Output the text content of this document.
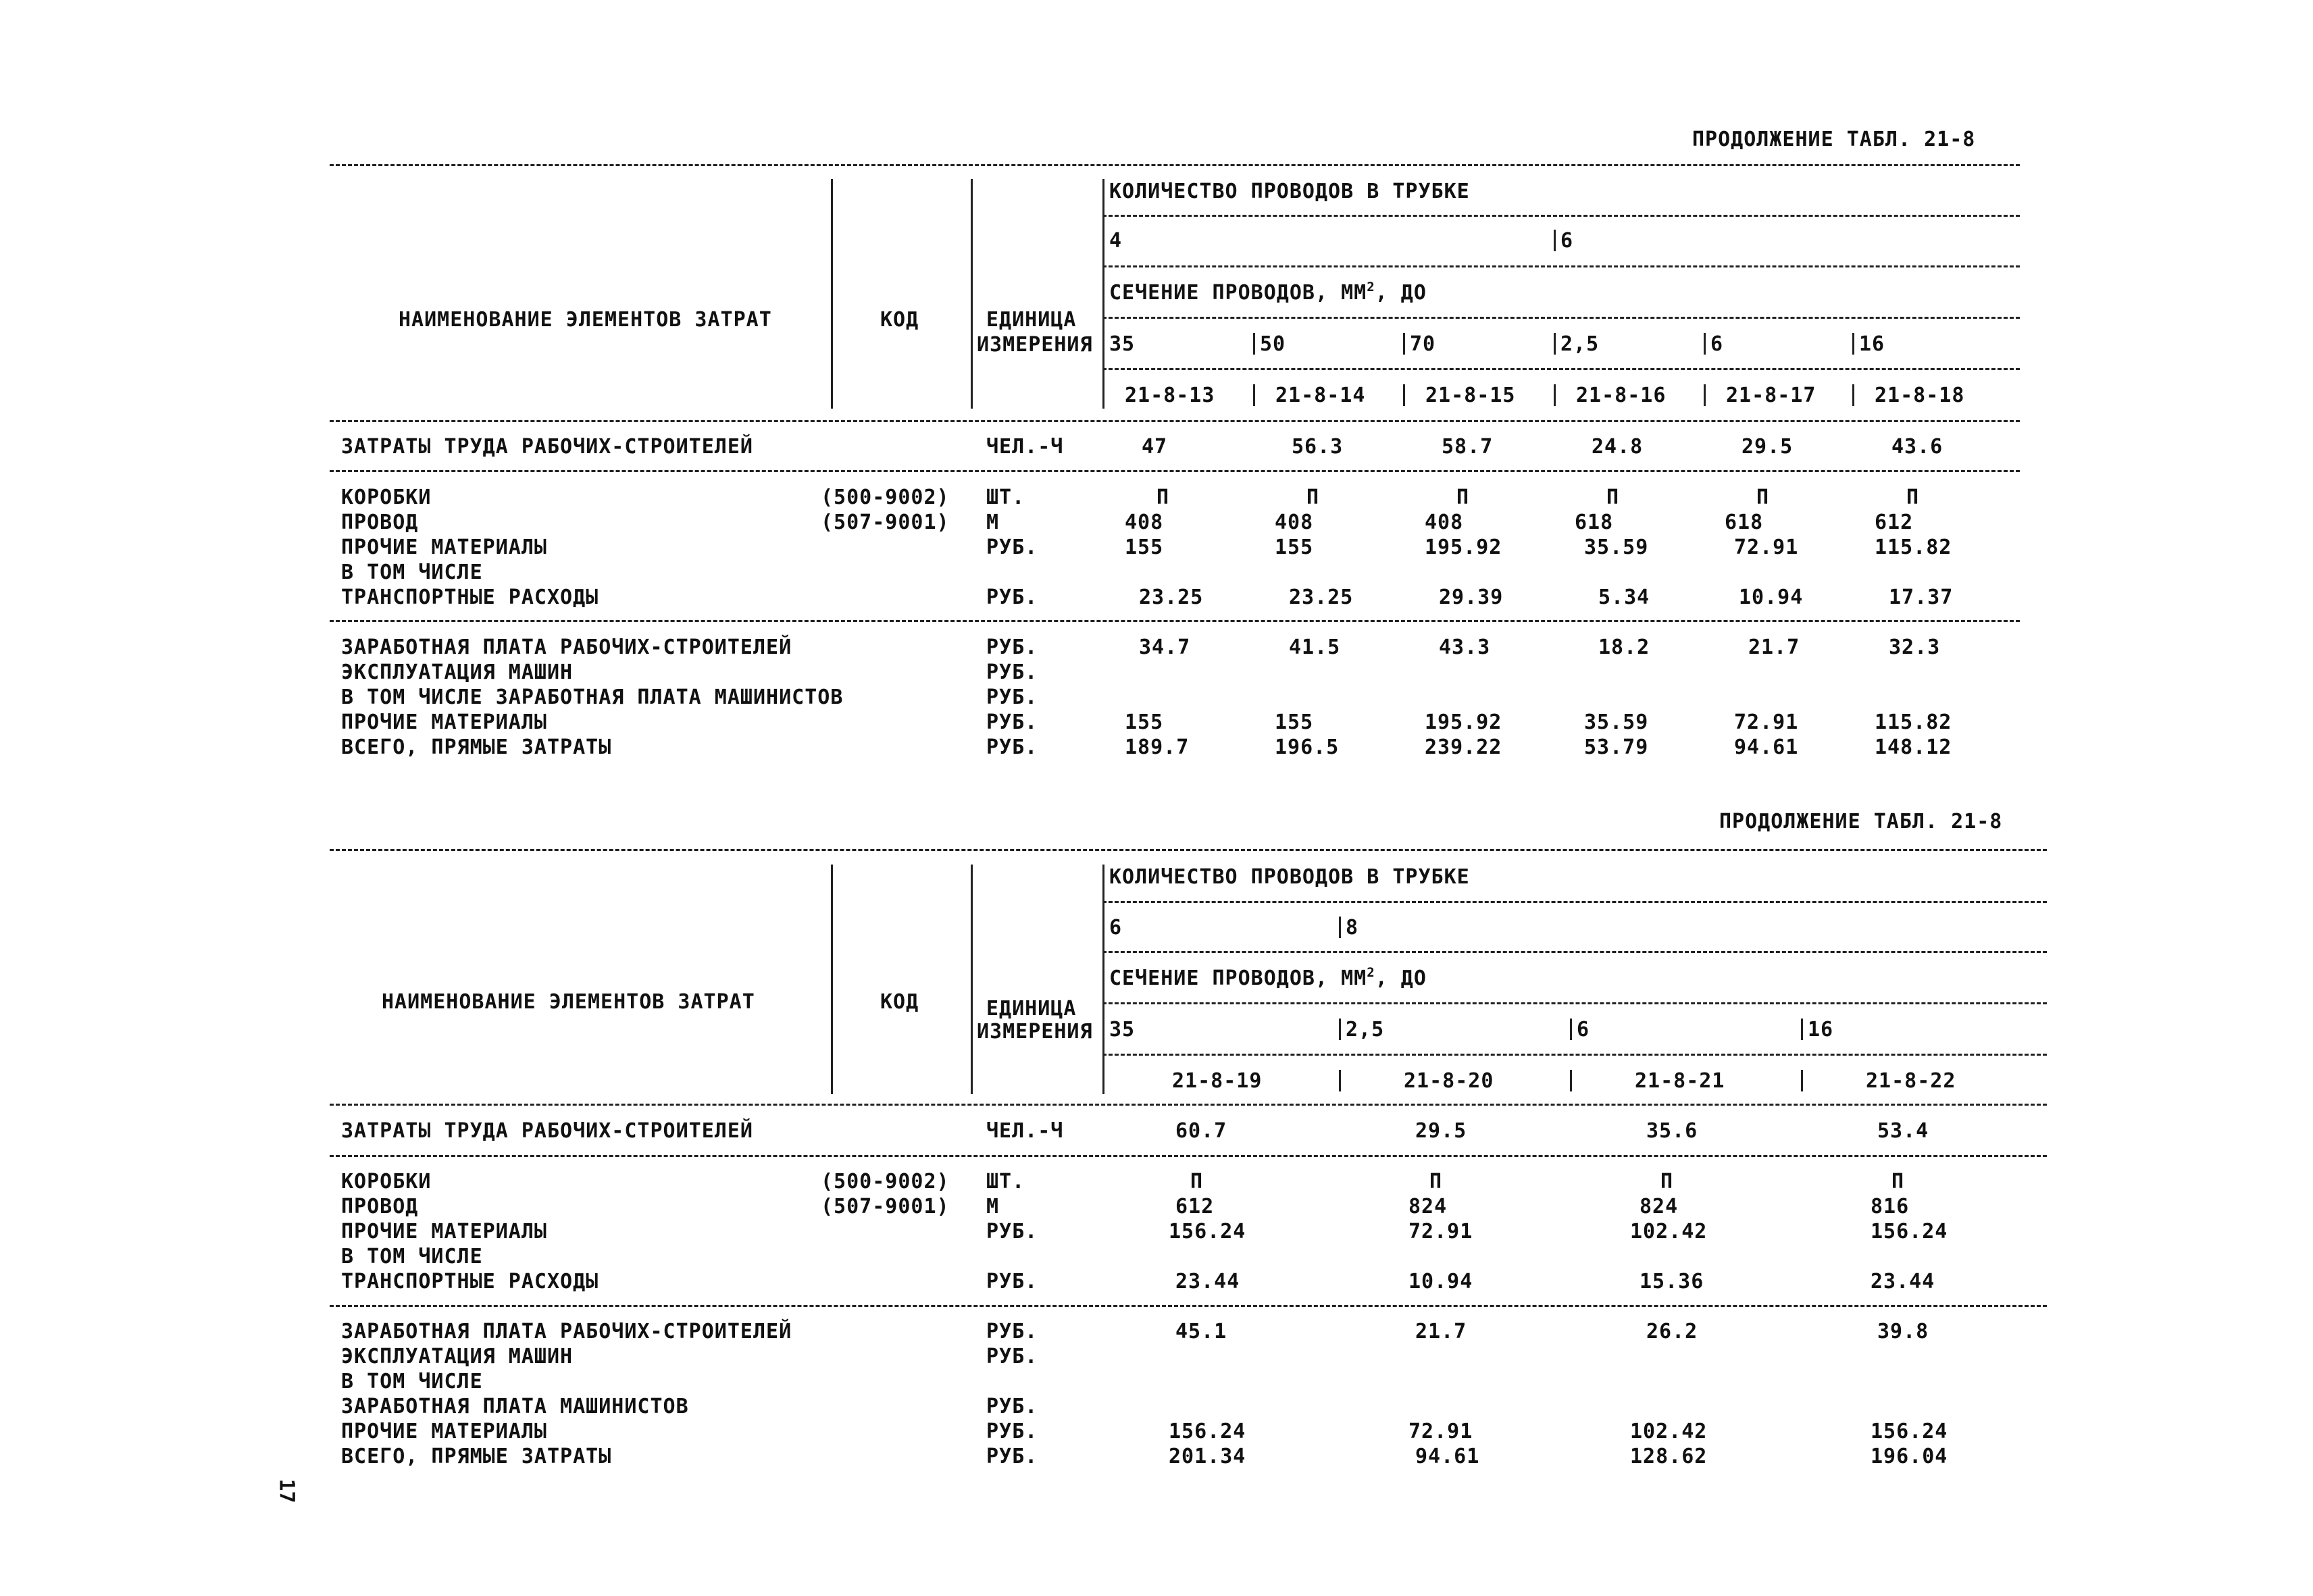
ПРОДОЛЖЕНИЕ ТАБЛ. 21-8
НАИМЕНОВАНИЕ ЭЛЕМЕНТОВ ЗАТРАТ	КОД	ЕДИНИЦА
ИЗМЕРЕНИЯ
КОЛИЧЕСТВО ПРОВОДОВ В ТРУБКЕ
4	6
СЕЧЕНИЕ ПРОВОДОВ, $ММ^2$, ДО
35	50	70	2,5	6	16
21-8-13	21-8-14	21-8-15	21-8-16	21-8-17	21-8-18
ЗАТРАТЫ ТРУДА РАБОЧИХ-СТРОИТЕЛЕЙ	ЧЕЛ.-Ч	47	56.3	58.7	24.8	29.5	43.6
КОРОБКИ	(500-9002) ШТ.	П	П	П	П	П	П
ПРОВОД	(507-9001) М	408	408	408	618	618	612
ПРОЧИЕ МАТЕРИАЛЫ	РУБ.	155	155	195.92	35.59	72.91	115.82
В ТОМ ЧИСЛЕ
ТРАНСПОРТНЫЕ РАСХОДЫ	РУБ.	23.25	23.25	29.39	5.34	10.94	17.37
ЗАРАБОТНАЯ ПЛАТА РАБОЧИХ-СТРОИТЕЛЕЙ	РУБ.	34.7	41.5	43.3	18.2	21.7	32.3
ЭКСПЛУАТАЦИЯ МАШИН	РУБ.
В ТОМ ЧИСЛЕ ЗАРАБОТНАЯ ПЛАТА МАШИНИСТОВ	РУБ.
ПРОЧИЕ МАТЕРИАЛЫ	РУБ.	155	155	195.92	35.59	72.91	115.82
ВСЕГО, ПРЯМЫЕ ЗАТРАТЫ	РУБ.	189.7	196.5	239.22	53.79	94.61	148.12
ПРОДОЛЖЕНИЕ ТАБЛ. 21-8
НАИМЕНОВАНИЕ ЭЛЕМЕНТОВ ЗАТРАТ	КОД	ЕДИНИЦА
ИЗМЕРЕНИЯ
КОЛИЧЕСТВО ПРОВОДОВ В ТРУБКЕ
6	8
СЕЧЕНИЕ ПРОВОДОВ, $ММ^2$, ДО
35	2,5	6	16
21-8-19	21-8-20	21-8-21	21-8-22
ЗАТРАТЫ ТРУДА РАБОЧИХ-СТРОИТЕЛЕЙ	ЧЕЛ.-Ч	60.7	29.5	35.6	53.4
КОРОБКИ	(500-9002) ШТ.	П	П	П	П
ПРОВОД	(507-9001) М	612	824	824	816
ПРОЧИЕ МАТЕРИАЛЫ	РУБ.	156.24	72.91	102.42	156.24
В ТОМ ЧИСЛЕ
ТРАНСПОРТНЫЕ РАСХОДЫ	РУБ.	23.44	10.94	15.36	23.44
ЗАРАБОТНАЯ ПЛАТА РАБОЧИХ-СТРОИТЕЛЕЙ	РУБ.	45.1	21.7	26.2	39.8
ЭКСПЛУАТАЦИЯ МАШИН	РУБ.
В ТОМ ЧИСЛЕ
ЗАРАБОТНАЯ ПЛАТА МАШИНИСТОВ	РУБ.
ПРОЧИЕ МАТЕРИАЛЫ	РУБ.	156.24	72.91	102.42	156.24
ВСЕГО, ПРЯМЫЕ ЗАТРАТЫ	РУБ.	201.34	94.61	128.62	196.04
17
